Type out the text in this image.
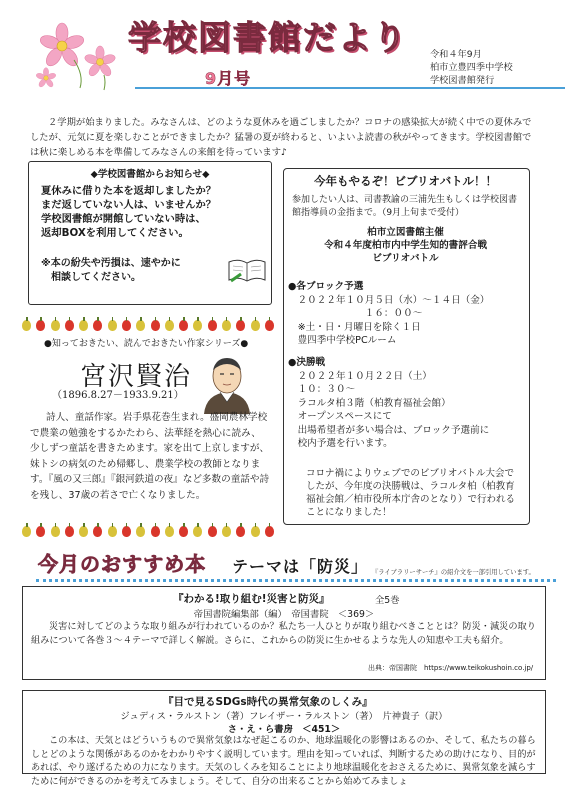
学校図書館だより
9月号
令和４年9月
柏市立豊四季中学校
学校図書館発行
２学期が始まりました。みなさんは、どのような夏休みを過ごしましたか？コロナの感染拡大が続く中での夏休みでしたが、元気に夏を楽しむことができましたか？猛暑の夏が終わると、いよいよ読書の秋がやってきます。学校図書館では秋に楽しめる本を準備してみなさんの来館を待っています♪
◆学校図書館からお知らせ◆
夏休みに借りた本を返却しましたか？
まだ返していない人は、いませんか？
学校図書館が開館していない時は、
返却BOXを利用してください。
※本の紛失や汚損は、速やかに
　相談してください。
●知っておきたい、読んでおきたい作家シリーズ●
宮沢賢治
（1896.8.27－1933.9.21）
詩人、童話作家。岩手県花巻生まれ。盛岡農林学校で農業の勉強をするかたわら、法華経を熱心に読み、少しずつ童話を書きためます。家を出て上京しますが、妹トシの病気のため帰郷し、農業学校の教師となります。『風の又三郎』『銀河鉄道の夜』など多数の童話や詩を残し、37歳の若さで亡くなりました。
今年もやるぞ！ビブリオバトル！！
参加したい人は、司書教諭の三浦先生もしくは学校図書館指導員の金指まで。（9月上旬まで受付）
柏市立図書館主催
令和４年度柏市内中学生知的書評合戦
ビブリオバトル
●各ブロック予選
　２０２２年１０月５日（水）～１４日（金）
　　　　　　　　１６：００～
　※土・日・月曜日を除く１日
　豊四季中学校PCルーム
●決勝戦
　２０２２年１０月２２日（土）
　１０：３０～
　ラコルタ柏３階（柏教育福祉会館）
　オープンスペースにて
　出場希望者が多い場合は、ブロック予選前に
　校内予選を行います。
コロナ禍によりウェブでのビブリオバトル大会でしたが、今年度の決勝戦は、ラコルタ柏（柏教育福祉会館／柏市役所本庁舎のとなり）で行われることになりました！
今月のおすすめ本 テーマは「防災」 『ライブラリーサーチ』の紹介文を一部引用しています。
『わかる!取り組む!災害と防災』	全5巻
帝国書院編集部（編）　帝国書院　＜369＞
災害に対してどのような取り組みが行われているのか？私たち一人ひとりが取り組むべきこととは？防災・減災の取り組みについて各巻３～４テーマで詳しく解説。さらに、これからの防災に生かせるような先人の知恵や工夫も紹介。
出典：帝国書院　https://www.teikokushoin.co.jp/
『目で見るSDGs時代の異常気象のしくみ』
ジュディス・ラルストン（著）フレイザー・ラルストン（著）　片神貴子（訳）
さ・え・ら書房　＜451＞
この本は、天気とはどういうもので異常気象はなぜ起こるのか、地球温暖化の影響はあるのか、そして、私たちの暮らしとどのような関係があるのかをわかりやすく説明しています。理由を知っていれば、判断するための助けになり、目的があれば、やり遂げるための力になります。天気のしくみを知ることにより地球温暖化をおさえるために、異常気象を減らすために何ができるのかを考えてみましょう。そして、自分の出来ることから始めてみましょ
